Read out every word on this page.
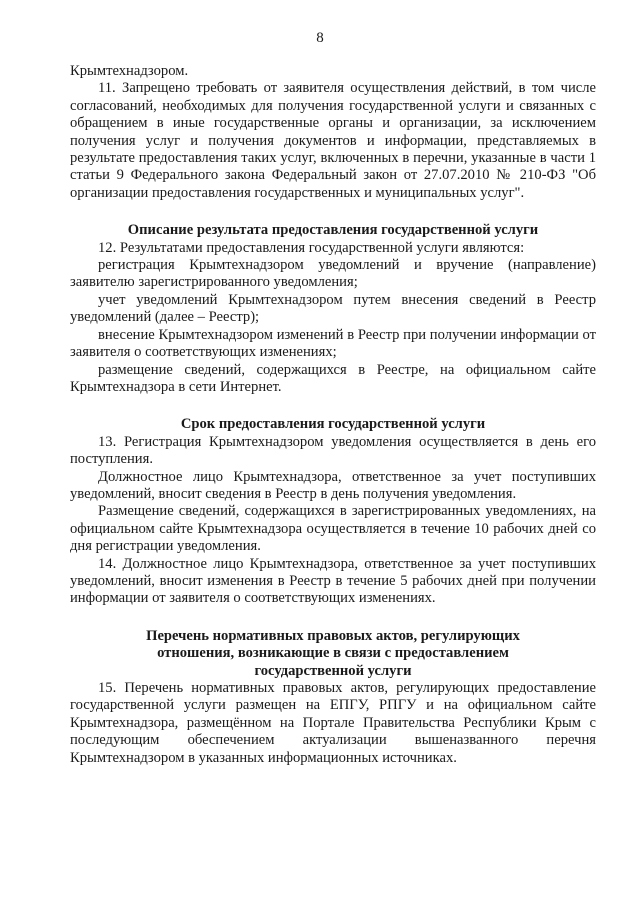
8

Крымтехнадзором.

11. Запрещено требовать от заявителя осуществления действий, в том числе согласований, необходимых для получения государственной услуги и связанных с обращением в иные государственные органы и организации, за исключением получения услуг и получения документов и информации, представляемых в результате предоставления таких услуг, включенных в перечни, указанные в части 1 статьи 9 Федерального закона Федеральный закон от 27.07.2010 № 210-ФЗ "Об организации предоставления государственных и муниципальных услуг".

Описание результата предоставления государственной услуги

12. Результатами предоставления государственной услуги являются:

регистрация Крымтехнадзором уведомлений и вручение (направление) заявителю зарегистрированного уведомления;

учет уведомлений Крымтехнадзором путем внесения сведений в Реестр уведомлений (далее – Реестр);

внесение Крымтехнадзором изменений в Реестр при получении информации от заявителя о соответствующих изменениях;

размещение сведений, содержащихся в Реестре, на официальном сайте Крымтехнадзора в сети Интернет.

Срок предоставления государственной услуги

13. Регистрация Крымтехнадзором уведомления осуществляется в день его поступления.

Должностное лицо Крымтехнадзора, ответственное за учет поступивших уведомлений, вносит сведения в Реестр в день получения уведомления.

Размещение сведений, содержащихся в зарегистрированных уведомлениях, на официальном сайте Крымтехнадзора осуществляется в течение 10 рабочих дней со дня регистрации уведомления.

14. Должностное лицо Крымтехнадзора, ответственное за учет поступивших уведомлений, вносит изменения в Реестр в течение 5 рабочих дней при получении информации от заявителя о соответствующих изменениях.

Перечень нормативных правовых актов, регулирующих
отношения, возникающие в связи с предоставлением
государственной услуги

15. Перечень нормативных правовых актов, регулирующих предоставление государственной услуги размещен на ЕПГУ, РПГУ и на официальном сайте Крымтехнадзора, размещённом на Портале Правительства Республики Крым с последующим обеспечением актуализации вышеназванного перечня Крымтехнадзором в указанных информационных источниках.
